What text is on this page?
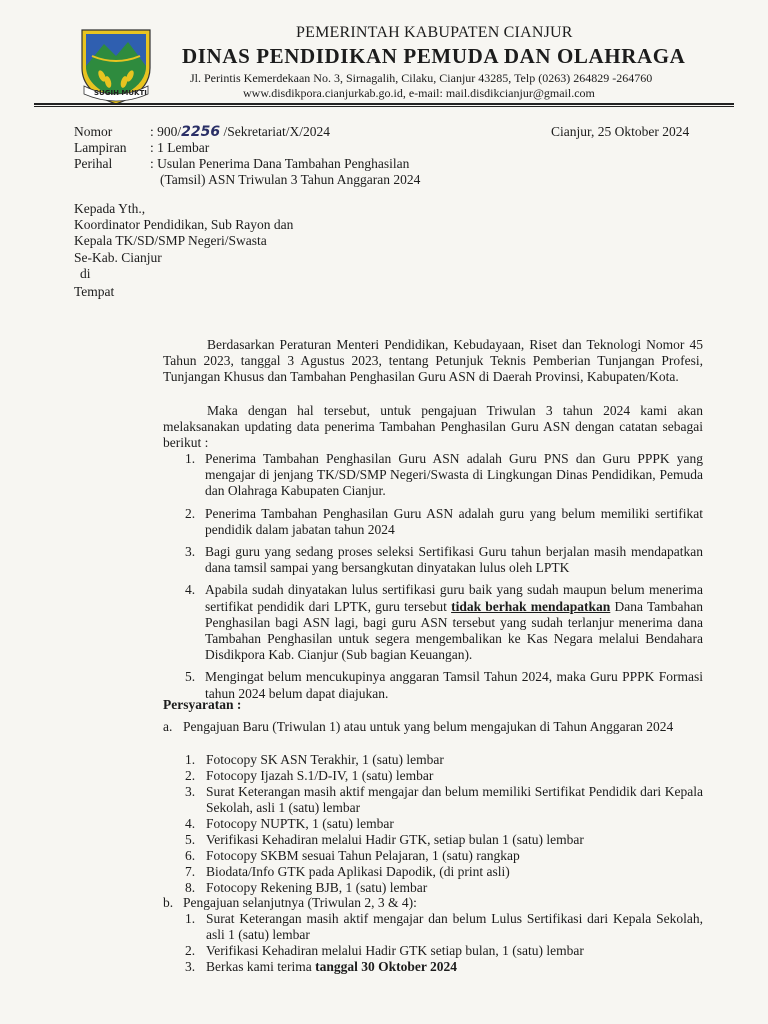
SUGIH MUKTI
PEMERINTAH KABUPATEN CIANJUR
DINAS PENDIDIKAN PEMUDA DAN OLAHRAGA
Jl. Perintis Kemerdekaan No. 3, Sirnagalih, Cilaku, Cianjur 43285, Telp (0263) 264829 -264760
www.disdikpora.cianjurkab.go.id, e-mail: mail.disdikcianjur@gmail.com
Nomor	: 900/2256 /Sekretariat/X/2024	Cianjur, 25 Oktober 2024
Lampiran : 1 Lembar
Perihal	: Usulan Penerima Dana Tambahan Penghasilan
(Tamsil) ASN Triwulan 3 Tahun Anggaran 2024
Kepada Yth.,
Koordinator Pendidikan, Sub Rayon dan
Kepala TK/SD/SMP Negeri/Swasta
Se-Kab. Cianjur
di
Tempat
Berdasarkan Peraturan Menteri Pendidikan, Kebudayaan, Riset dan Teknologi Nomor 45 Tahun 2023, tanggal 3 Agustus 2023, tentang Petunjuk Teknis Pemberian Tunjangan Profesi, Tunjangan Khusus dan Tambahan Penghasilan Guru ASN di Daerah Provinsi, Kabupaten/Kota.
Maka dengan hal tersebut, untuk pengajuan Triwulan 3 tahun 2024 kami akan melaksanakan updating data penerima Tambahan Penghasilan Guru ASN dengan catatan sebagai berikut :
1. Penerima Tambahan Penghasilan Guru ASN adalah Guru PNS dan Guru PPPK yang mengajar di jenjang TK/SD/SMP Negeri/Swasta di Lingkungan Dinas Pendidikan, Pemuda dan Olahraga Kabupaten Cianjur.
2. Penerima Tambahan Penghasilan Guru ASN adalah guru yang belum memiliki sertifikat pendidik dalam jabatan tahun 2024
3. Bagi guru yang sedang proses seleksi Sertifikasi Guru tahun berjalan masih mendapatkan dana tamsil sampai yang bersangkutan dinyatakan lulus oleh LPTK
4. Apabila sudah dinyatakan lulus sertifikasi guru baik yang sudah maupun belum menerima sertifikat pendidik dari LPTK, guru tersebut tidak berhak mendapatkan Dana Tambahan Penghasilan bagi ASN lagi, bagi guru ASN tersebut yang sudah terlanjur menerima dana Tambahan Penghasilan untuk segera mengembalikan ke Kas Negara melalui Bendahara Disdikpora Kab. Cianjur (Sub bagian Keuangan).
5. Mengingat belum mencukupinya anggaran Tamsil Tahun 2024, maka Guru PPPK Formasi tahun 2024 belum dapat diajukan.
Persyaratan :
a. Pengajuan Baru (Triwulan 1) atau untuk yang belum mengajukan di Tahun Anggaran 2024
1. Fotocopy SK ASN Terakhir, 1 (satu) lembar
2. Fotocopy Ijazah S.1/D-IV, 1 (satu) lembar
3. Surat Keterangan masih aktif mengajar dan belum memiliki Sertifikat Pendidik dari Kepala Sekolah, asli 1 (satu) lembar
4. Fotocopy NUPTK, 1 (satu) lembar
5. Verifikasi Kehadiran melalui Hadir GTK, setiap bulan 1 (satu) lembar
6. Fotocopy SKBM sesuai Tahun Pelajaran, 1 (satu) rangkap
7. Biodata/Info GTK pada Aplikasi Dapodik, (di print asli)
8. Fotocopy Rekening BJB, 1 (satu) lembar
b. Pengajuan selanjutnya (Triwulan 2, 3 & 4):
1. Surat Keterangan masih aktif mengajar dan belum Lulus Sertifikasi dari Kepala Sekolah, asli 1 (satu) lembar
2. Verifikasi Kehadiran melalui Hadir GTK setiap bulan, 1 (satu) lembar
3. Berkas kami terima tanggal 30 Oktober 2024
